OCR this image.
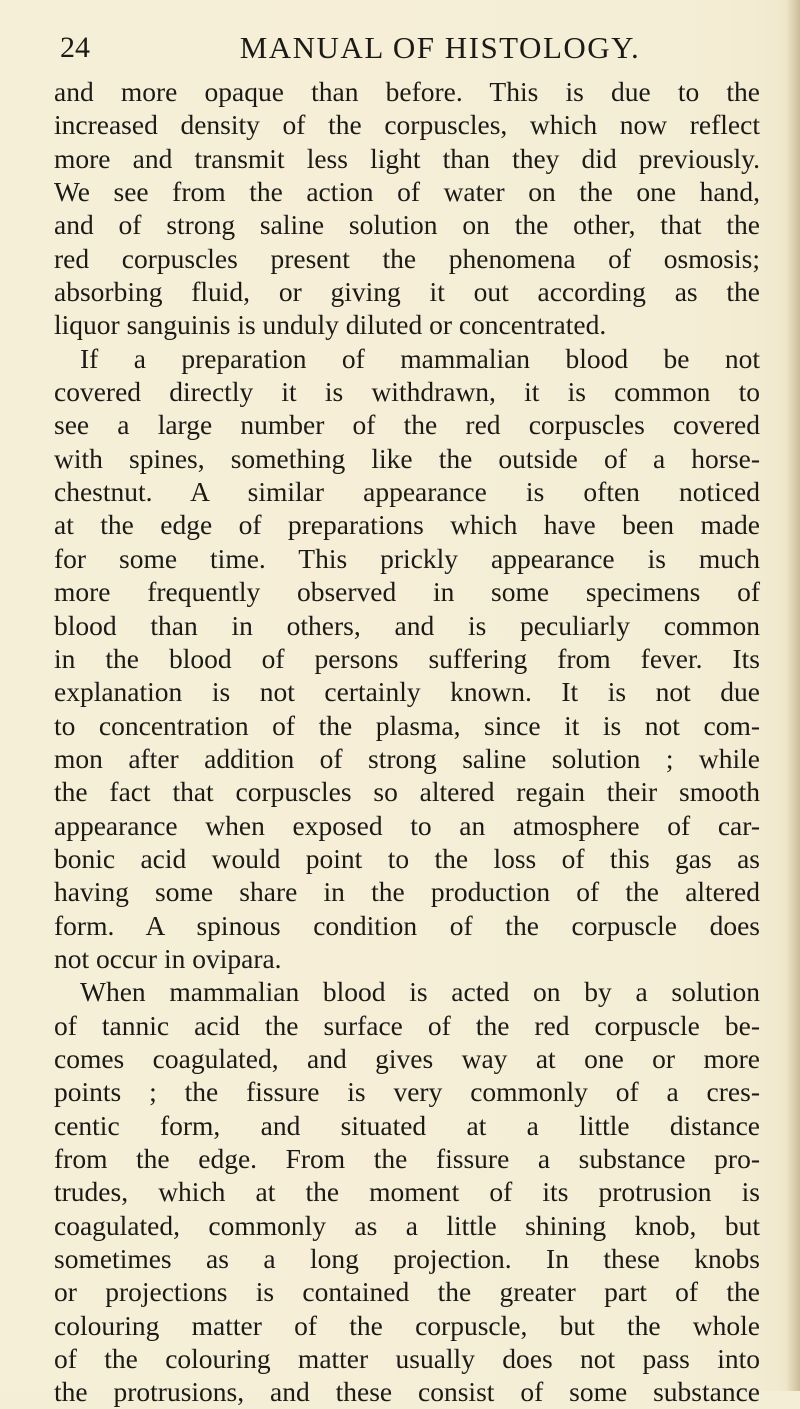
24	MANUAL OF HISTOLOGY.
and more opaque than before. This is due to the
increased density of the corpuscles, which now reflect
more and transmit less light than they did previously.
We see from the action of water on the one hand,
and of strong saline solution on the other, that the
red corpuscles present the phenomena of osmosis;
absorbing fluid, or giving it out according as the
liquor sanguinis is unduly diluted or concentrated.
If a preparation of mammalian blood be not
covered directly it is withdrawn, it is common to
see a large number of the red corpuscles covered
with spines, something like the outside of a horse-
chestnut. A similar appearance is often noticed
at the edge of preparations which have been made
for some time. This prickly appearance is much
more frequently observed in some specimens of
blood than in others, and is peculiarly common
in the blood of persons suffering from fever. Its
explanation is not certainly known. It is not due
to concentration of the plasma, since it is not com-
mon after addition of strong saline solution ; while
the fact that corpuscles so altered regain their smooth
appearance when exposed to an atmosphere of car-
bonic acid would point to the loss of this gas as
having some share in the production of the altered
form. A spinous condition of the corpuscle does
not occur in ovipara.
When mammalian blood is acted on by a solution
of tannic acid the surface of the red corpuscle be-
comes coagulated, and gives way at one or more
points ; the fissure is very commonly of a cres-
centic form, and situated at a little distance
from the edge. From the fissure a substance pro-
trudes, which at the moment of its protrusion is
coagulated, commonly as a little shining knob, but
sometimes as a long projection. In these knobs
or projections is contained the greater part of the
colouring matter of the corpuscle, but the whole
of the colouring matter usually does not pass into
the protrusions, and these consist of some substance
